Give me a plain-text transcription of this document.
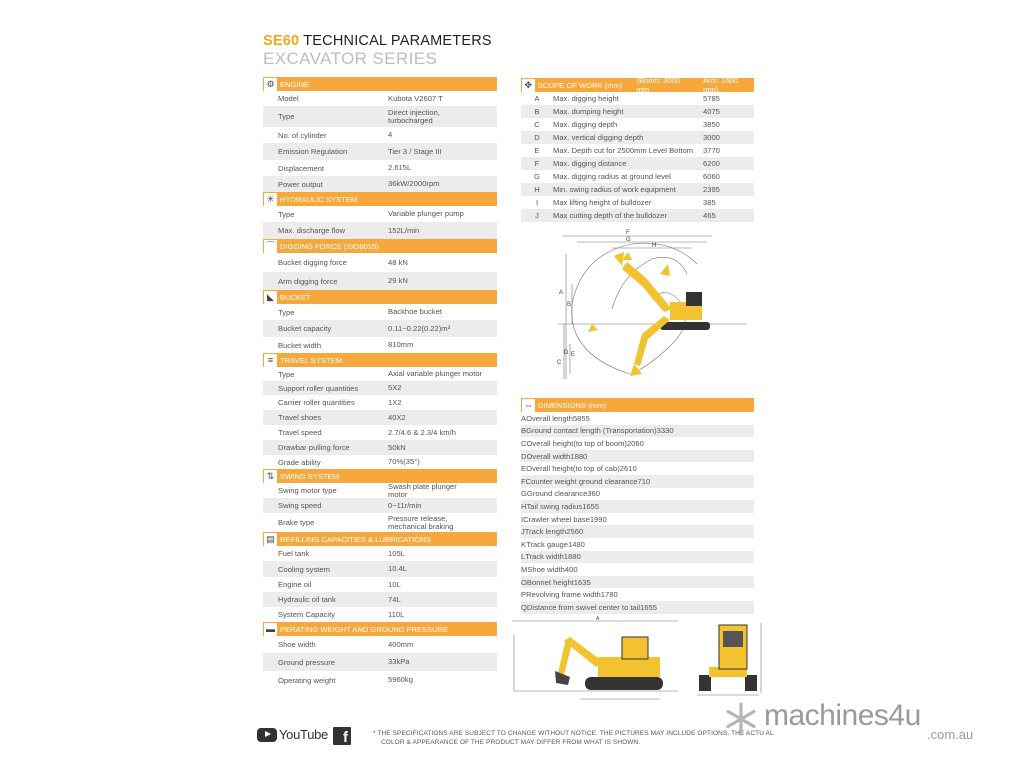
SE60 TECHNICAL PARAMETERS
EXCAVATOR SERIES
⚙ ENGINE
Model	Kubota V2607 T
Type	Direct injection, turbocharged
No. of cylinder	4
Emission Regulation	Tier 3 / Stage III
Displacement	2.615L
Power output	36kW/2000rpm
✳ HYDRAULIC SYSTEM
Type	Variable plunger pump
Max. discharge flow	152L/min
⌒ DIGGING FORCE (ISO6015)
Bucket digging force	48 kN
Arm digging force	29 kN
◣ BUCKET
Type	Backhoe bucket
Bucket capacity	0.11~0.22(0.22)m³
Bucket width	810mm
≡ TRAVEL SYSTEM
Type	Axial variable plunger motor
Support roller quantities	5X2
Carrier roller quantities	1X2
Travel shoes	40X2
Travel speed	2.7/4.6 & 2.3/4 km/h
Drawbar pulling force	50kN
Grade ability	70%(35°)
⇅ SWING SYSTEM
Swing motor type	Swash plate plunger motor
Swing speed	0~11r/min
Brake type	Pressure release, mechanical braking
▤ REFILLING CAPACITIES & LUBRICATIONS
Fuel tank	105L
Cooling system	10.4L
Engine oil	10L
Hydraulic oil tank	74L
System Capacity	110L
▬ PERATING WEIGHT AND GROUND PRESSURE
Shoe width	400mm
Ground pressure	33kPa
Operating weight	5960kg
✥ SCOPE OF WORK (mm) (Boom: 3000 mm
Arm: 1600 mm)
A	Max. digging height	5785
B	Max. dumping height	4075
C	Max. digging depth	3850
D	Max. vertical digging depth	3000
E	Max. Depth cut for 2500mm Level Bottom	3770
F	Max. digging distance	6200
G	Max. digging radius at ground level	6060
H	Min. swing radius of work equipment	2395
I	Max lifting height of bulldozer	385
J	Max cutting depth of the bulldozer	465
F
G
H
A
B
C
D E
⇔ DIMENSIONS (mm)
A Overall length 5855
B Ground contact length (Transportation) 3330
C Overall height(to top of boom) 2060
D Overall width 1880
E Overall height(to top of cab) 2610
F Counter weight ground clearance 710
G Ground clearance 360
H Tail swing radius 1655
I Crawler wheel base 1990
J Track length 2560
K Track gauge 1480
L Track width 1880
M Shoe width 400
O Bonnet height 1635
P Revolving frame width 1780
Q Distance from swivel center to tail 1655
A
YouTube	f	* THE SPECIFICATIONS ARE SUBJECT TO CHANGE WITHOUT NOTICE. THE PICTURES MAY INCLUDE OPTIONS. THE ACTU AL
COLOR & APPEARANCE OF THE PRODUCT MAY DIFFER FROM WHAT IS SHOWN.
machines4u
.com.au
